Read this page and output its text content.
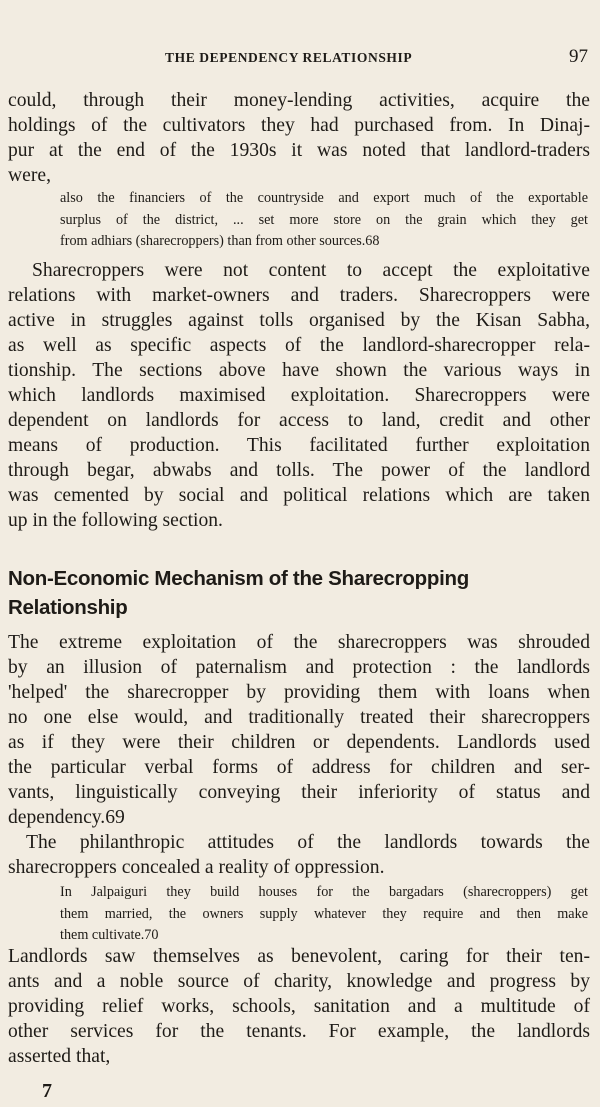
THE DEPENDENCY RELATIONSHIP	97
could, through their money-lending activities, acquire the
holdings of the cultivators they had purchased from. In Dinaj-
pur at the end of the 1930s it was noted that landlord-traders
were,
also the financiers of the countryside and export much of the exportable
surplus of the district, ... set more store on the grain which they get
from adhiars (sharecroppers) than from other sources.68
Sharecroppers were not content to accept the exploitative
relations with market-owners and traders. Sharecroppers were
active in struggles against tolls organised by the Kisan Sabha,
as well as specific aspects of the landlord-sharecropper rela-
tionship. The sections above have shown the various ways in
which landlords maximised exploitation. Sharecroppers were
dependent on landlords for access to land, credit and other
means of production. This facilitated further exploitation
through begar, abwabs and tolls. The power of the landlord
was cemented by social and political relations which are taken
up in the following section.
Non-Economic Mechanism of the Sharecropping
Relationship
The extreme exploitation of the sharecroppers was shrouded
by an illusion of paternalism and protection : the landlords
'helped' the sharecropper by providing them with loans when
no one else would, and traditionally treated their sharecroppers
as if they were their children or dependents. Landlords used
the particular verbal forms of address for children and ser-
vants, linguistically conveying their inferiority of status and
dependency.69
The philanthropic attitudes of the landlords towards the
sharecroppers concealed a reality of oppression.
In Jalpaiguri they build houses for the bargadars (sharecroppers) get
them married, the owners supply whatever they require and then make
them cultivate.70
Landlords saw themselves as benevolent, caring for their ten-
ants and a noble source of charity, knowledge and progress by
providing relief works, schools, sanitation and a multitude of
other services for the tenants. For example, the landlords
asserted that,
7
